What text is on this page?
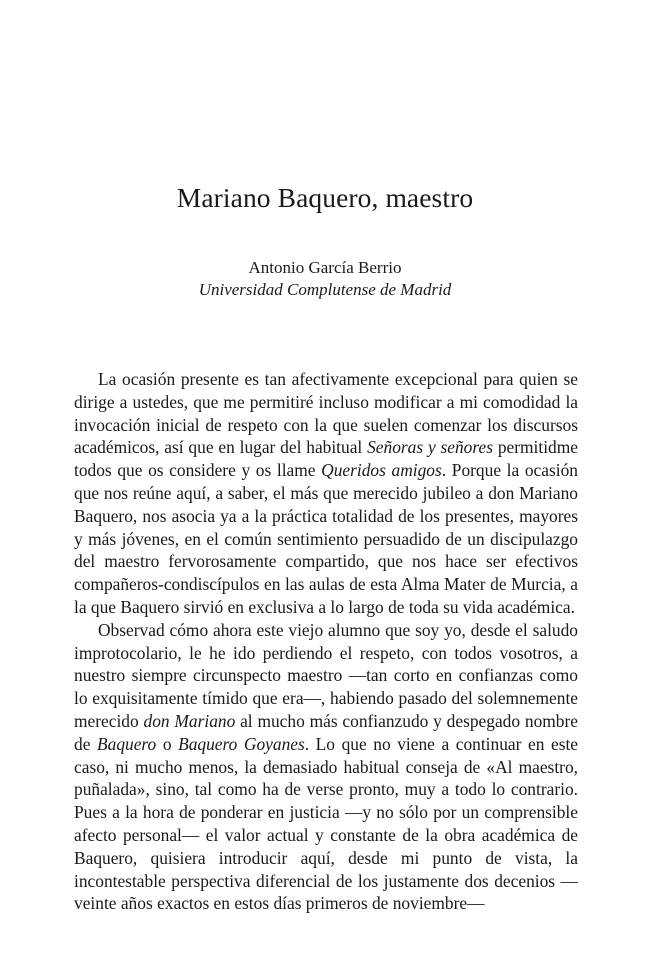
Mariano Baquero, maestro
Antonio García Berrio
Universidad Complutense de Madrid

La ocasión presente es tan afectivamente excepcional para quien se dirige a ustedes, que me permitiré incluso modificar a mi comodidad la invocación inicial de respeto con la que suelen comenzar los discursos académicos, así que en lugar del habitual Señoras y señores permitidme todos que os considere y os llame Queridos amigos. Porque la ocasión que nos reúne aquí, a saber, el más que merecido jubileo a don Mariano Baquero, nos asocia ya a la práctica totalidad de los presentes, mayores y más jóvenes, en el común sentimiento persuadido de un discipulazgo del maestro fervorosamente compartido, que nos hace ser efectivos compañeros-condiscípulos en las aulas de esta Alma Mater de Murcia, a la que Baquero sirvió en exclusiva a lo largo de toda su vida académica.

Observad cómo ahora este viejo alumno que soy yo, desde el saludo improtocolario, le he ido perdiendo el respeto, con todos vosotros, a nuestro siempre circunspecto maestro —tan corto en confianzas como lo exquisitamente tímido que era—, habiendo pasado del solemnemente merecido don Mariano al mucho más confianzudo y despegado nombre de Baquero o Baquero Goyanes. Lo que no viene a continuar en este caso, ni mucho menos, la demasiado habitual conseja de «Al maestro, puñalada», sino, tal como ha de verse pronto, muy a todo lo contrario. Pues a la hora de ponderar en justicia —y no sólo por un comprensible afecto personal— el valor actual y constante de la obra académica de Baquero, quisiera introducir aquí, desde mi punto de vista, la incontestable perspectiva diferencial de los justamente dos decenios —veinte años exactos en estos días primeros de noviembre—
